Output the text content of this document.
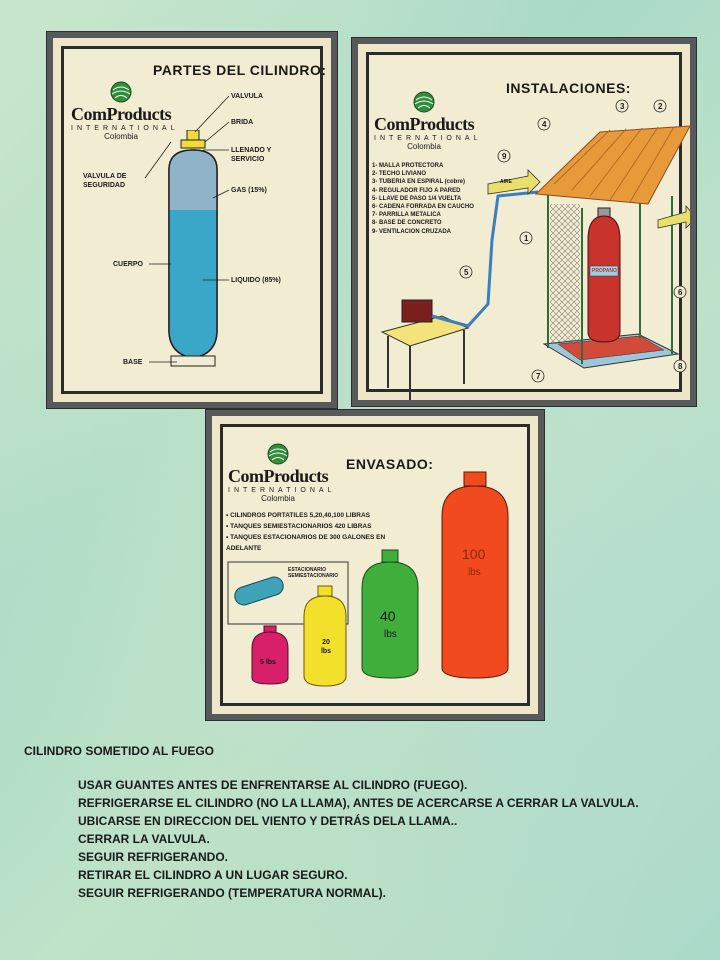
ComProducts
INTERNATIONAL
Colombia
PARTES DEL CILINDRO:
VALVULA
BRIDA
LLENADO Y SERVICIO
VALVULA DE SEGURIDAD
GAS (15%)
CUERPO
LIQUIDO (85%)
BASE
ComProducts
INTERNATIONAL
Colombia
INSTALACIONES:
1- MALLA PROTECTORA
2- TECHO LIVIANO
3- TUBERIA EN ESPIRAL (cobre)
4- REGULADOR FIJO A PARED
5- LLAVE DE PASO 1/4 VUELTA
6- CADENA FORRADA EN CAUCHO
7- PARRILLA METALICA
8- BASE DE CONCRETO
9- VENTILACION CRUZADA
AIRE
PROPANO
1
2
3
4
5
6
7
8
9
ComProducts
INTERNATIONAL
Colombia
ENVASADO:
• CILINDROS PORTATILES 5,20,40,100 LIBRAS
• TANQUES SEMIESTACIONARIOS 420 LIBRAS
• TANQUES ESTACIONARIOS DE 300 GALONES EN ADELANTE
ESTACIONARIO
SEMIESTACIONARIO
5 lbs
20 lbs
40
lbs
100
lbs
CILINDRO SOMETIDO AL FUEGO
USAR GUANTES ANTES DE ENFRENTARSE AL CILINDRO (FUEGO).
REFRIGERARSE EL CILINDRO (NO LA LLAMA), ANTES DE ACERCARSE A CERRAR LA VALVULA.
UBICARSE EN DIRECCION DEL VIENTO Y DETRÁS DELA LLAMA..
CERRAR LA VALVULA.
SEGUIR REFRIGERANDO.
RETIRAR EL CILINDRO A UN LUGAR SEGURO.
SEGUIR REFRIGERANDO (TEMPERATURA NORMAL).
